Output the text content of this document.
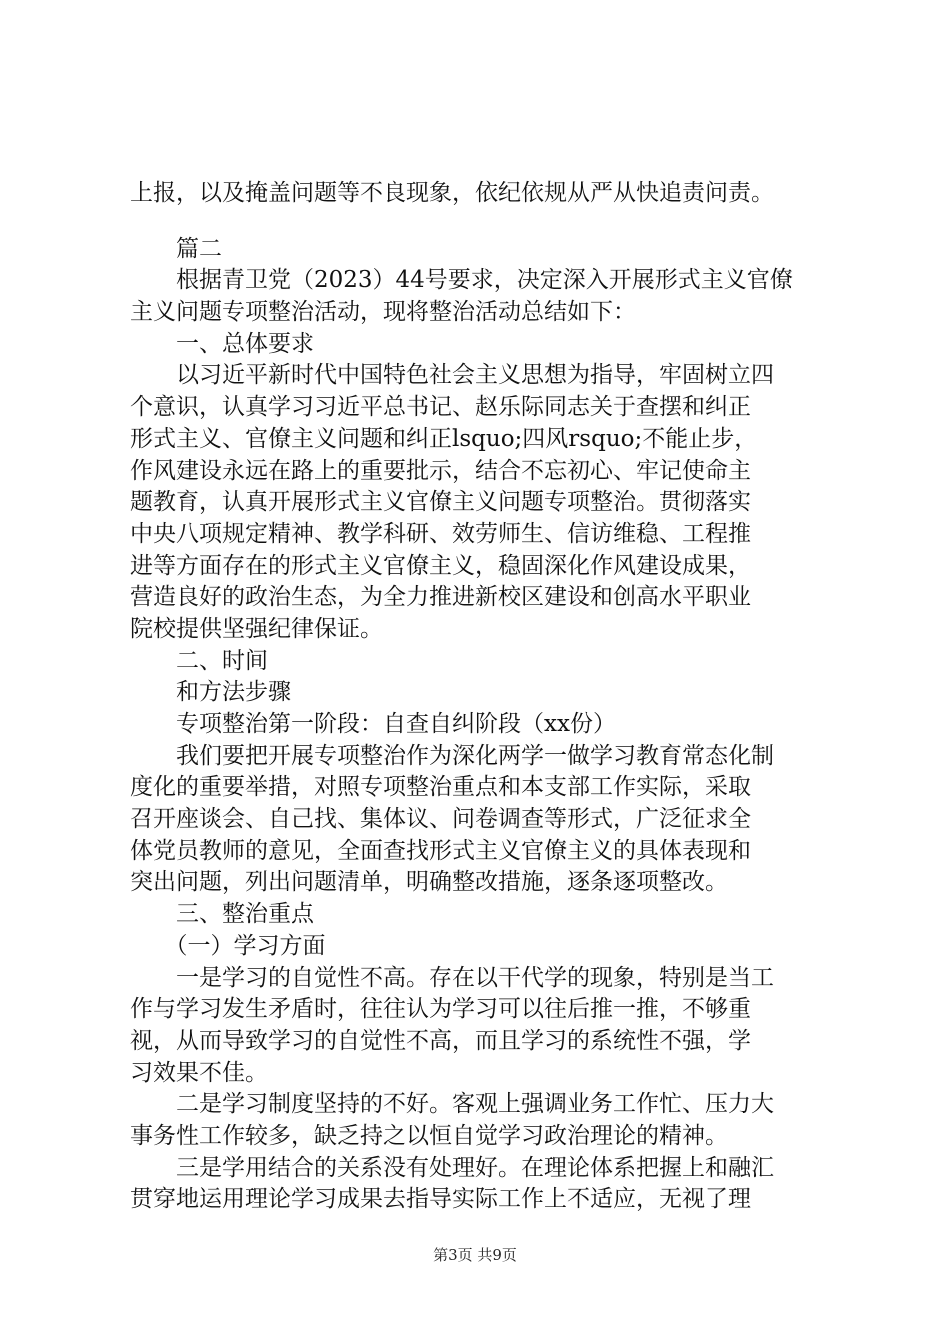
上报，以及掩盖问题等不良现象，依纪依规从严从快追责问责。
　　篇二
　　根据青卫党（2023）44号要求，决定深入开展形式主义官僚
主义问题专项整治活动，现将整治活动总结如下：
　　一、总体要求
　　以习近平新时代中国特色社会主义思想为指导，牢固树立四
个意识，认真学习习近平总书记、赵乐际同志关于查摆和纠正
形式主义、官僚主义问题和纠正lsquo;四风rsquo;不能止步，
作风建设永远在路上的重要批示，结合不忘初心、牢记使命主
题教育，认真开展形式主义官僚主义问题专项整治。贯彻落实
中央八项规定精神、教学科研、效劳师生、信访维稳、工程推
进等方面存在的形式主义官僚主义，稳固深化作风建设成果，
营造良好的政治生态，为全力推进新校区建设和创高水平职业
院校提供坚强纪律保证。
　　二、时间
　　和方法步骤
　　专项整治第一阶段：自查自纠阶段（xx份）
　　我们要把开展专项整治作为深化两学一做学习教育常态化制
度化的重要举措，对照专项整治重点和本支部工作实际，采取
召开座谈会、自己找、集体议、问卷调查等形式，广泛征求全
体党员教师的意见，全面查找形式主义官僚主义的具体表现和
突出问题，列出问题清单，明确整改措施，逐条逐项整改。
　　三、整治重点
　　（一）学习方面
　　一是学习的自觉性不高。存在以干代学的现象，特别是当工
作与学习发生矛盾时，往往认为学习可以往后推一推，不够重
视，从而导致学习的自觉性不高，而且学习的系统性不强，学
习效果不佳。
　　二是学习制度坚持的不好。客观上强调业务工作忙、压力大
事务性工作较多，缺乏持之以恒自觉学习政治理论的精神。
　　三是学用结合的关系没有处理好。在理论体系把握上和融汇
贯穿地运用理论学习成果去指导实际工作上不适应，无视了理
第3页 共9页
